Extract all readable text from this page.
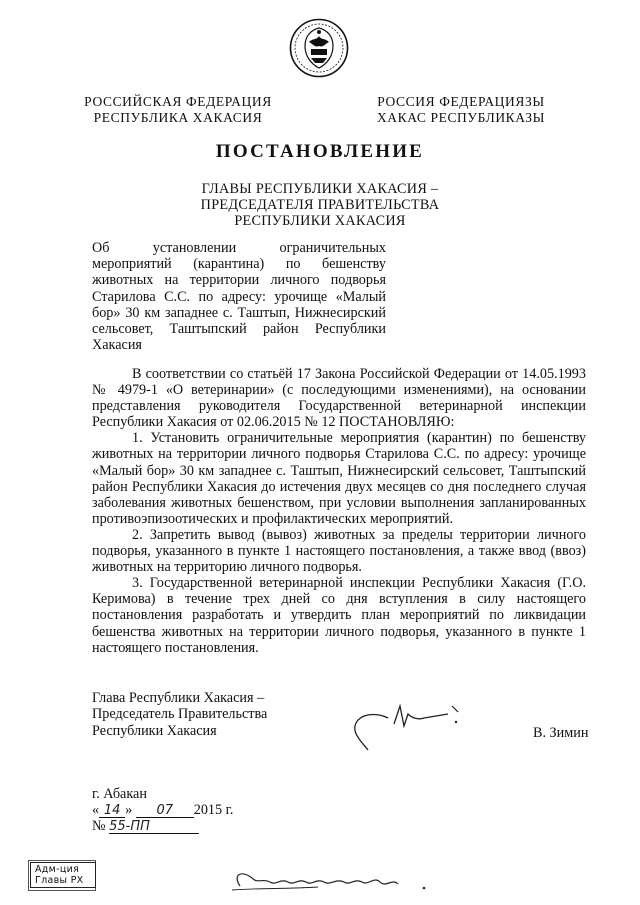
РОССИЙСКАЯ ФЕДЕРАЦИЯ
РЕСПУБЛИКА ХАКАСИЯ
РОССИЯ ФЕДЕРАЦИЯЗЫ
ХАКАС РЕСПУБЛИКАЗЫ
ПОСТАНОВЛЕНИЕ
ГЛАВЫ РЕСПУБЛИКИ ХАКАСИЯ –
ПРЕДСЕДАТЕЛЯ ПРАВИТЕЛЬСТВА
РЕСПУБЛИКИ ХАКАСИЯ
Об установлении ограничительных мероприятий (карантина) по бешенству животных на территории личного подворья Старилова С.С. по адресу: урочище «Малый бор» 30 км западнее с. Таштып, Нижнесирский сельсовет, Таштыпский район Республики Хакасия

В соответствии со статьёй 17 Закона Российской Федерации от 14.05.1993 № 4979-1 «О ветеринарии» (с последующими изменениями), на основании представления руководителя Государственной ветеринарной инспекции Республики Хакасия от 02.06.2015 № 12 ПОСТАНОВЛЯЮ:

1. Установить ограничительные мероприятия (карантин) по бешенству животных на территории личного подворья Старилова С.С. по адресу: урочище «Малый бор» 30 км западнее с. Таштып, Нижнесирский сельсовет, Таштыпский район Республики Хакасия до истечения двух месяцев со дня последнего случая заболевания животных бешенством, при условии выполнения запланированных противоэпизоотических и профилактических мероприятий.

2. Запретить вывод (вывоз) животных за пределы территории личного подворья, указанного в пункте 1 настоящего постановления, а также ввод (ввоз) животных на территорию личного подворья.

3. Государственной ветеринарной инспекции Республики Хакасия (Г.О. Керимова) в течение трех дней со дня вступления в силу настоящего постановления разработать и утвердить план мероприятий по ликвидации бешенства животных на территории личного подворья, указанного в пункте 1 настоящего постановления.

Глава Республики Хакасия –
Председатель Правительства
Республики Хакасия	В. Зимин
г. Абакан
« 14 » 07 2015 г.
№ 55-ПП
Адм-ция
Главы РХ
